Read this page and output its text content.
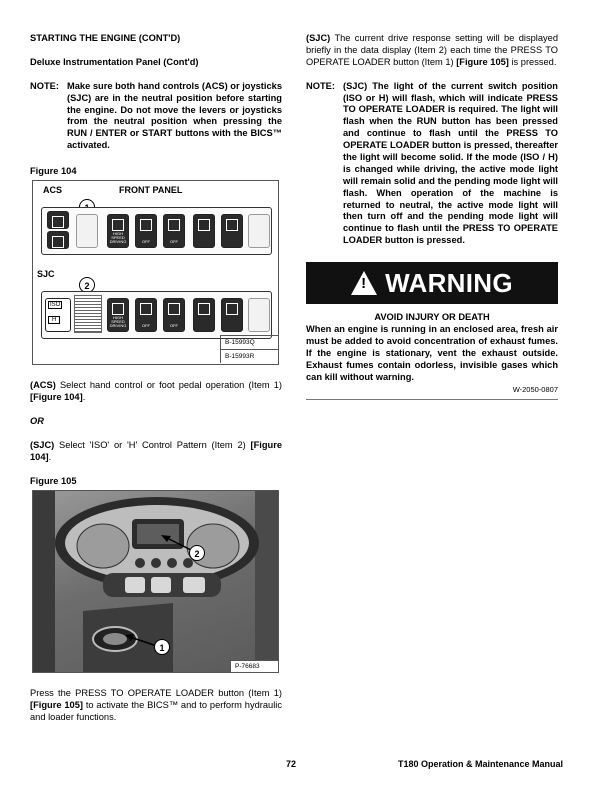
STARTING THE ENGINE (CONT'D)
Deluxe Instrumentation Panel (Cont'd)
NOTE: Make sure both hand controls (ACS) or joysticks (SJC) are in the neutral position before starting the engine. Do not move the levers or joysticks from the neutral position when pressing the RUN / ENTER or START buttons with the BICS™ activated.
Figure 104
ACS	FRONT PANEL
HIGH SPEED DRIVING	OFF	OFF
SJC
2
ISO
H	HIGH SPEED DRIVING	OFF	OFF
B-15993Q
B-15993R

(ACS) Select hand control or foot pedal operation (Item 1) [Figure 104].

OR

(SJC) Select 'ISO' or 'H' Control Pattern (Item 2) [Figure 104].

Figure 105
2
1
P-76683

Press the PRESS TO OPERATE LOADER button (Item 1) [Figure 105] to activate the BICS™ and to perform hydraulic and loader functions.

(SJC) The current drive response setting will be displayed briefly in the data display (Item 2) each time the PRESS TO OPERATE LOADER button (Item 1) [Figure 105] is pressed.

NOTE: (SJC) The light of the current switch position (ISO or H) will flash, which will indicate PRESS TO OPERATE LOADER is required. The light will flash when the RUN button has been pressed and continue to flash until the PRESS TO OPERATE LOADER button is pressed, thereafter the light will become solid. If the mode (ISO / H) is changed while driving, the active mode light will remain solid and the pending mode light will flash. When operation of the machine is returned to neutral, the active mode light will then turn off and the pending mode light will continue to flash until the PRESS TO OPERATE LOADER button is pressed.
! WARNING
AVOID INJURY OR DEATH

When an engine is running in an enclosed area, fresh air must be added to avoid concentration of exhaust fumes. If the engine is stationary, vent the exhaust outside. Exhaust fumes contain odorless, invisible gases which can kill without warning.

W-2050-0807
72	T180 Operation & Maintenance Manual
